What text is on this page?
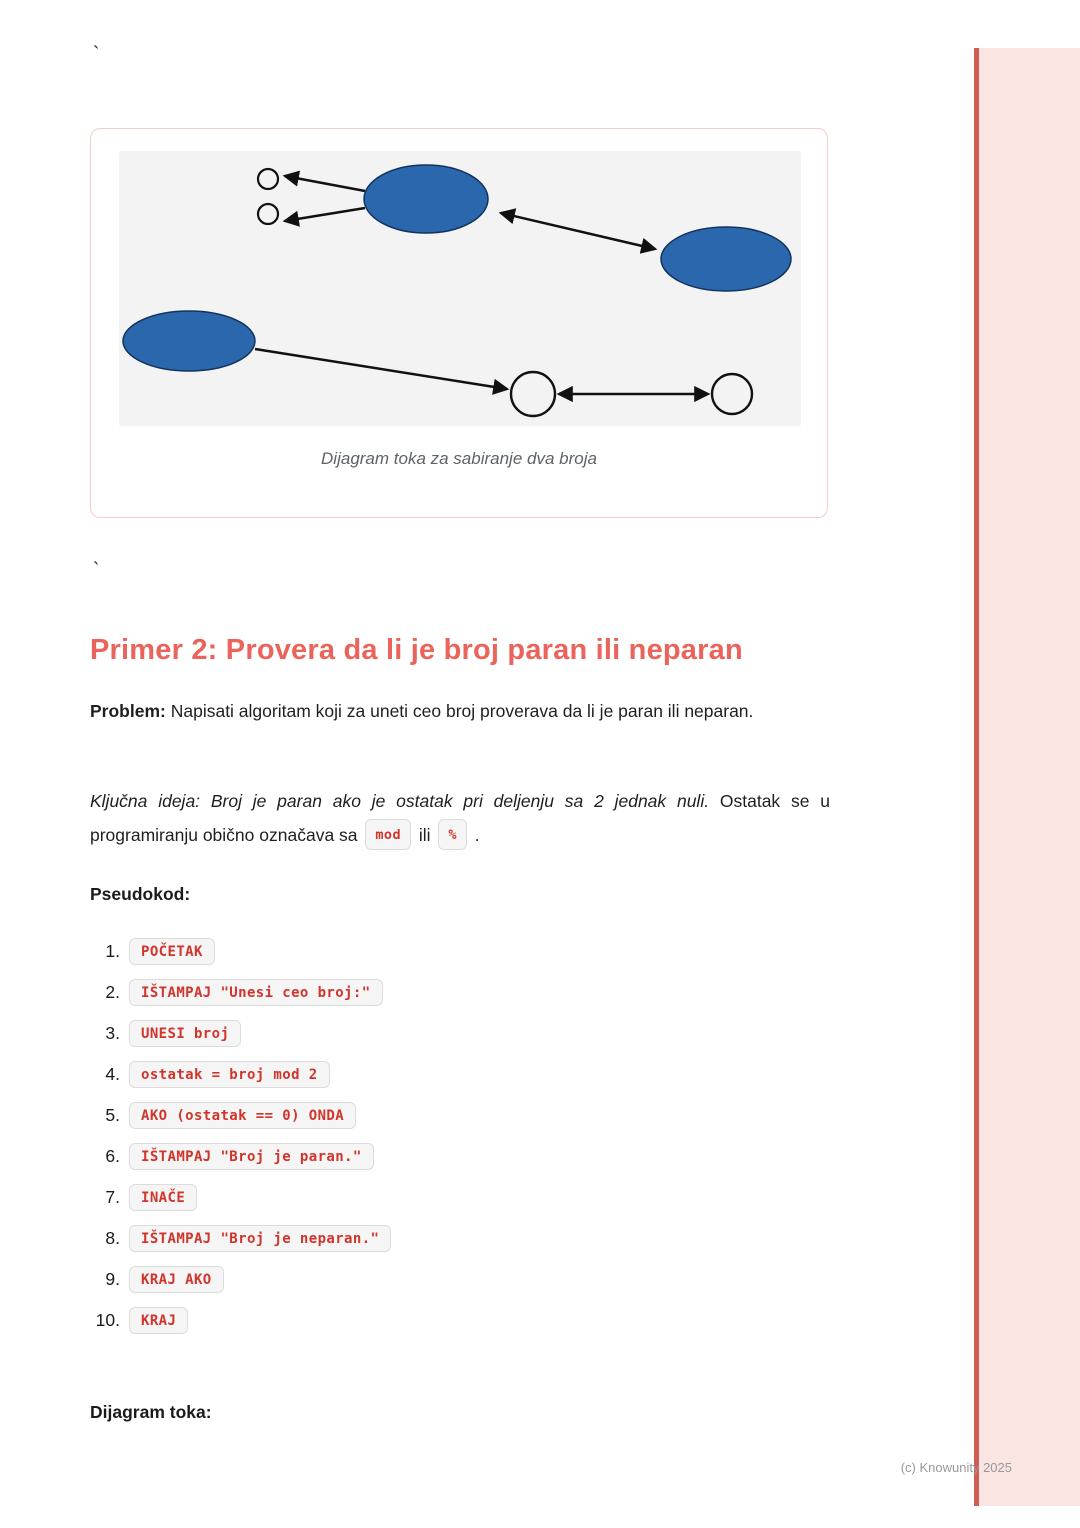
`
Dijagram toka za sabiranje dva broja
`
Primer 2: Provera da li je broj paran ili neparan

Problem: Napisati algoritam koji za uneti ceo broj proverava da li je paran ili neparan.

Ključna ideja: Broj je paran ako je ostatak pri deljenju sa 2 jednak nuli. Ostatak se u programiranju obično označava sa mod ili % .

Pseudokod:
1.	POČETAK
2.	IŠTAMPAJ "Unesi ceo broj:"
3.	UNESI broj
4.	ostatak = broj mod 2
5.	AKO (ostatak == 0) ONDA
6.	IŠTAMPAJ "Broj je paran."
7.	INAČE
8.	IŠTAMPAJ "Broj je neparan."
9.	KRAJ AKO
10.	KRAJ
Dijagram toka:
(c) Knowunity 2025
